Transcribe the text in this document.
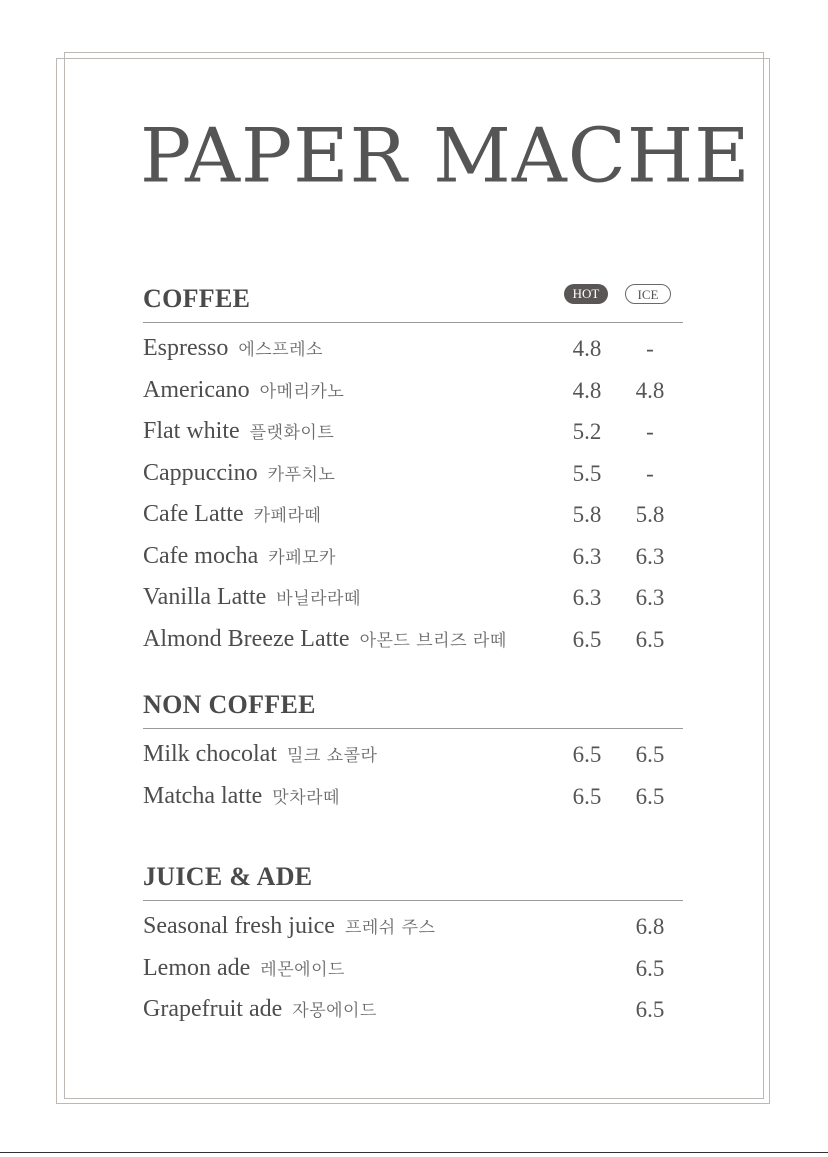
PAPER MACHE
COFFEE	HOT	ICE
Espresso 에스프레소	4.8	-
Americano 아메리카노	4.8 4.8
Flat white 플랫화이트	5.2	-
Cappuccino 카푸치노	5.5	-
Cafe Latte 카페라떼	5.8 5.8
Cafe mocha 카페모카	6.3 6.3
Vanilla Latte 바닐라라떼	6.3 6.3
Almond Breeze Latte 아몬드 브리즈 라떼	6.5 6.5
NON COFFEE
Milk chocolat 밀크 쇼콜라	6.5 6.5
Matcha latte 맛차라떼	6.5 6.5
JUICE & ADE
Seasonal fresh juice 프레쉬 주스	6.8
Lemon ade 레몬에이드	6.5
Grapefruit ade 자몽에이드	6.5
